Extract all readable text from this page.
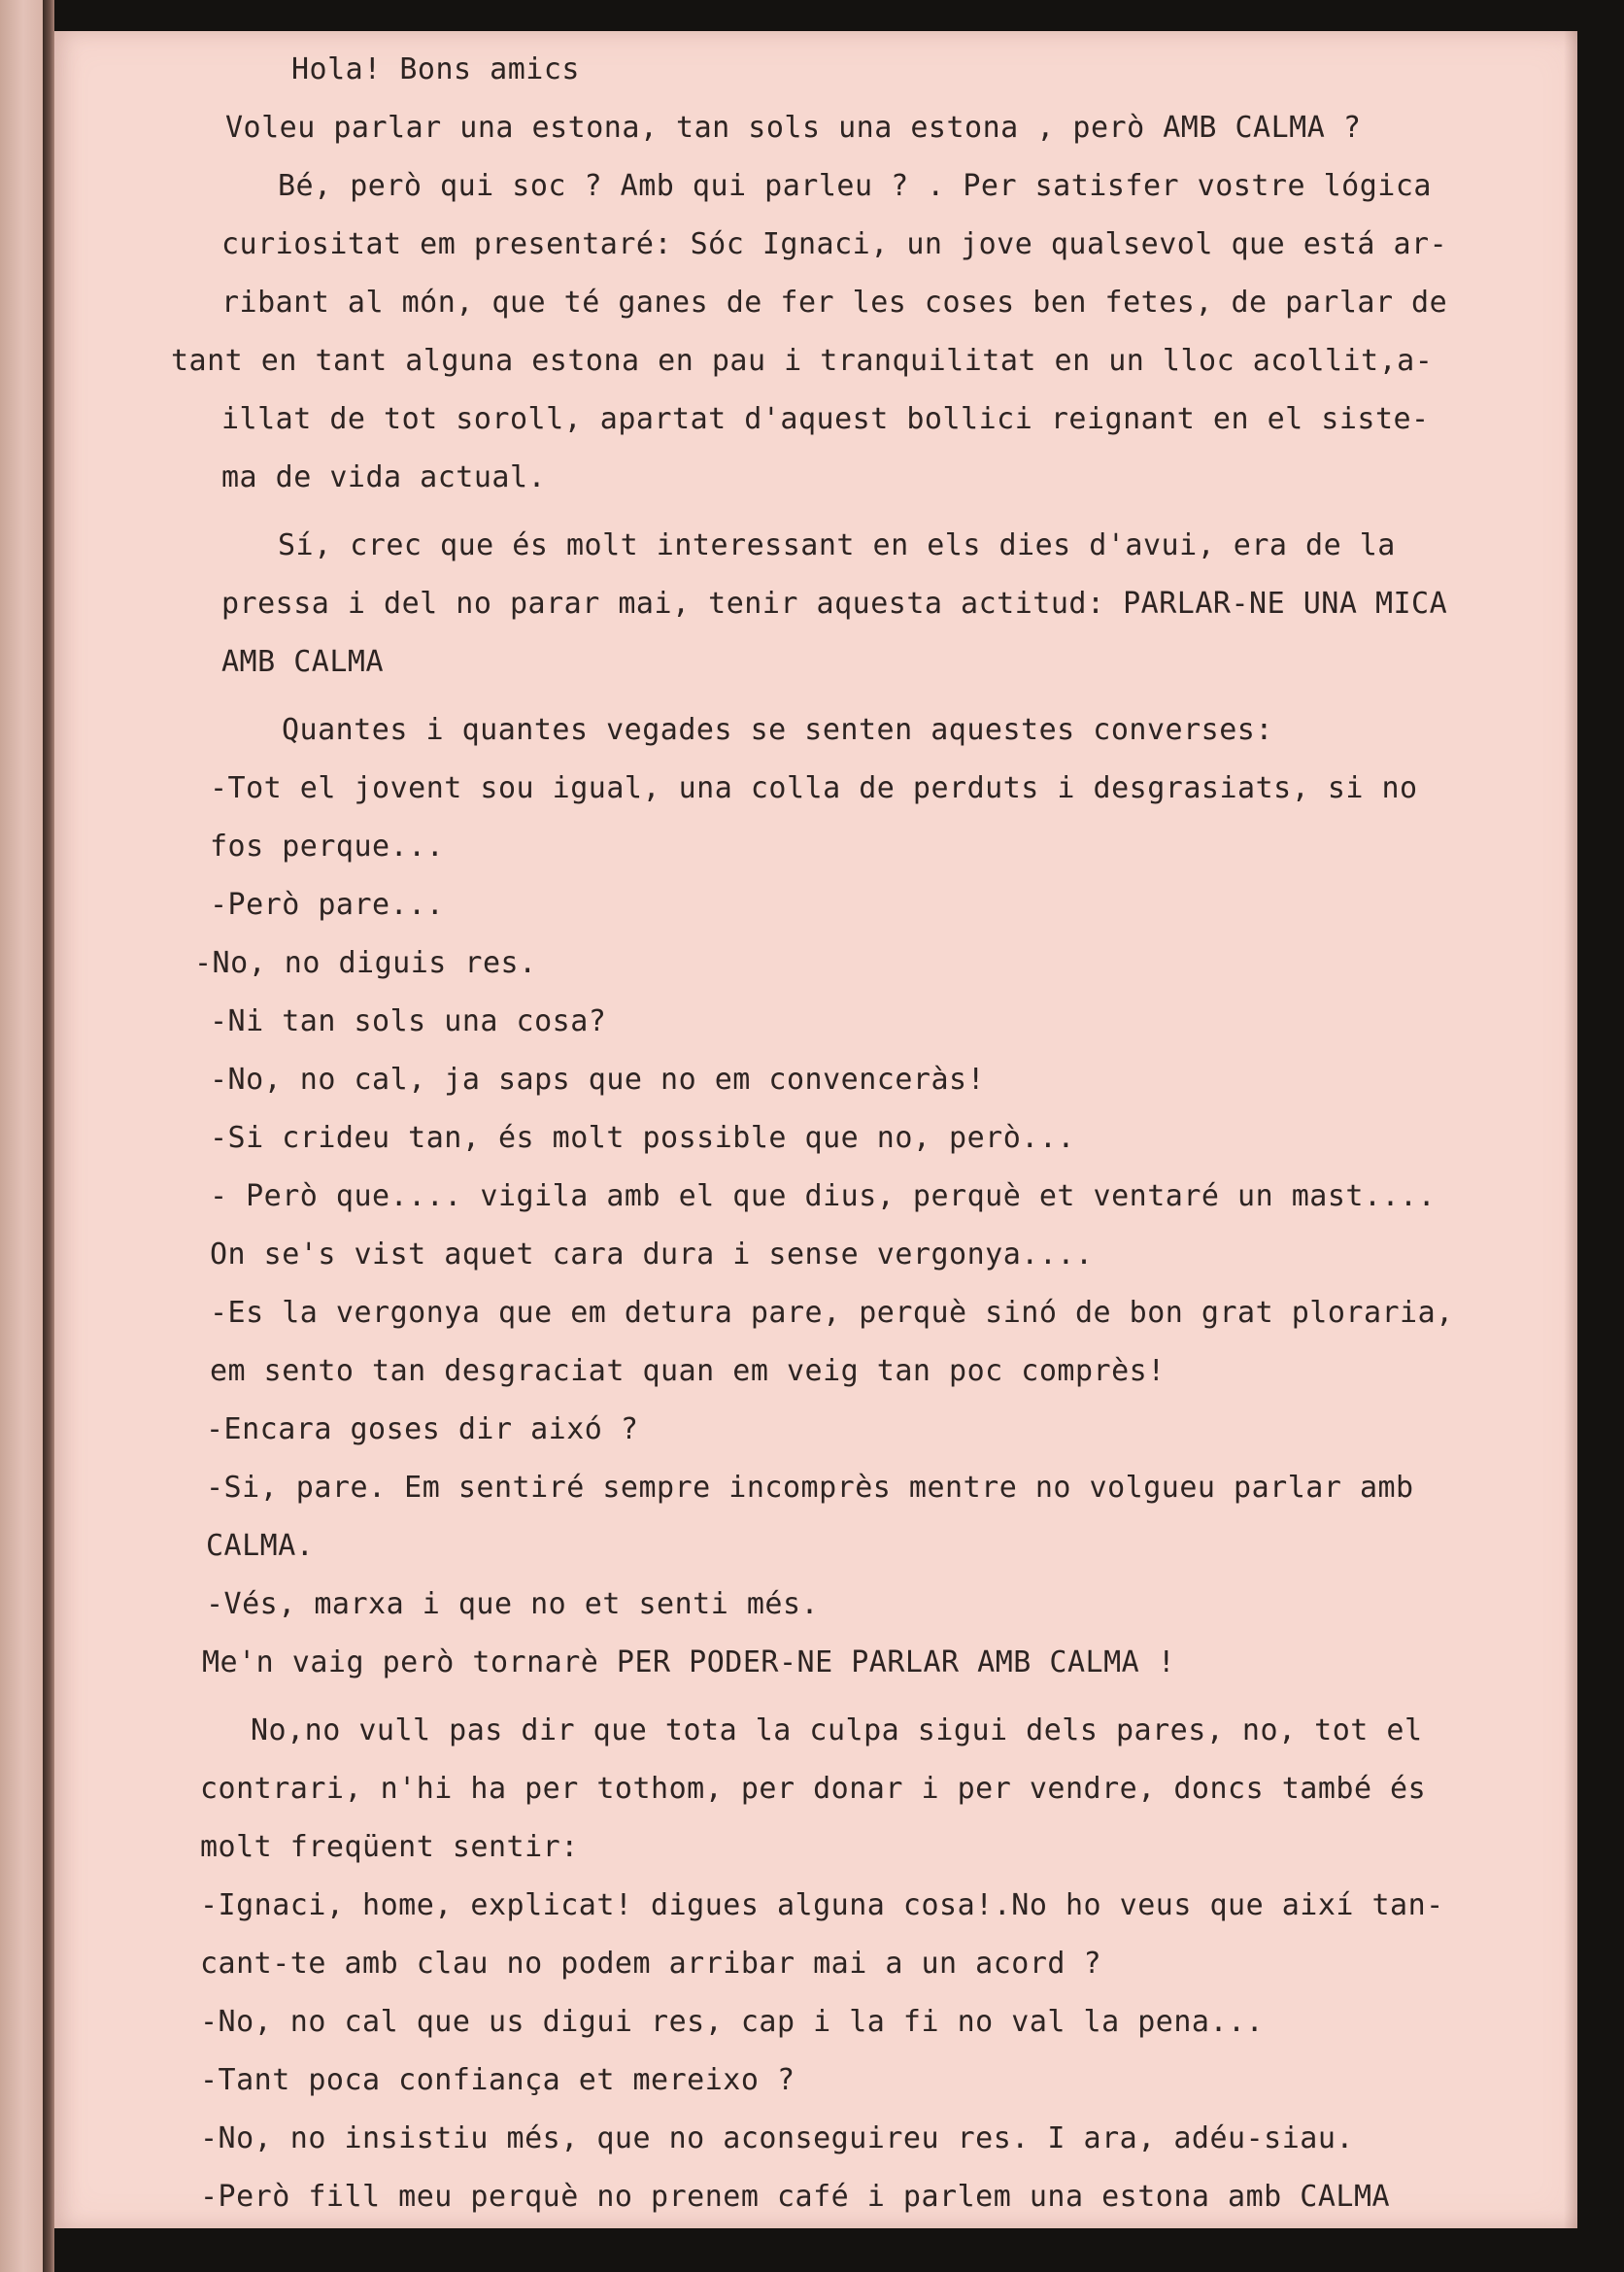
Hola! Bons amics
Voleu parlar una estona, tan sols una estona , però AMB CALMA ?
Bé, però qui soc ? Amb qui parleu ? . Per satisfer vostre lógica
curiositat em presentaré: Sóc Ignaci, un jove qualsevol que está ar-
ribant al món, que té ganes de fer les coses ben fetes, de parlar de
tant en tant alguna estona en pau i tranquilitat en un lloc acollit,a-
illat de tot soroll, apartat d'aquest bollici reignant en el siste-
ma de vida actual.
Sí, crec que és molt interessant en els dies d'avui, era de la
pressa i del no parar mai, tenir aquesta actitud: PARLAR-NE UNA MICA
AMB CALMA
Quantes i quantes vegades se senten aquestes converses:
-Tot el jovent sou igual, una colla de perduts i desgrasiats, si no
fos perque...
-Però pare...
-No, no diguis res.
-Ni tan sols una cosa?
-No, no cal, ja saps que no em convenceràs!
-Si crideu tan, és molt possible que no, però...
- Però que.... vigila amb el que dius, perquè et ventaré un mast....
On se's vist aquet cara dura i sense vergonya....
-Es la vergonya que em detura pare, perquè sinó de bon grat ploraria,
em sento tan desgraciat quan em veig tan poc comprès!
-Encara goses dir aixó ?
-Si, pare. Em sentiré sempre incomprès mentre no volgueu parlar amb
CALMA.
-Vés, marxa i que no et senti més.
Me'n vaig però tornarè PER PODER-NE PARLAR AMB CALMA !
No,no vull pas dir que tota la culpa sigui dels pares, no, tot el
contrari, n'hi ha per tothom, per donar i per vendre, doncs també és
molt freqüent sentir:
-Ignaci, home, explicat! digues alguna cosa!.No ho veus que així tan-
cant-te amb clau no podem arribar mai a un acord ?
-No, no cal que us digui res, cap i la fi no val la pena...
-Tant poca confiança et mereixo ?
-No, no insistiu més, que no aconseguireu res. I ara, adéu-siau.
-Però fill meu perquè no prenem café i parlem una estona amb CALMA
